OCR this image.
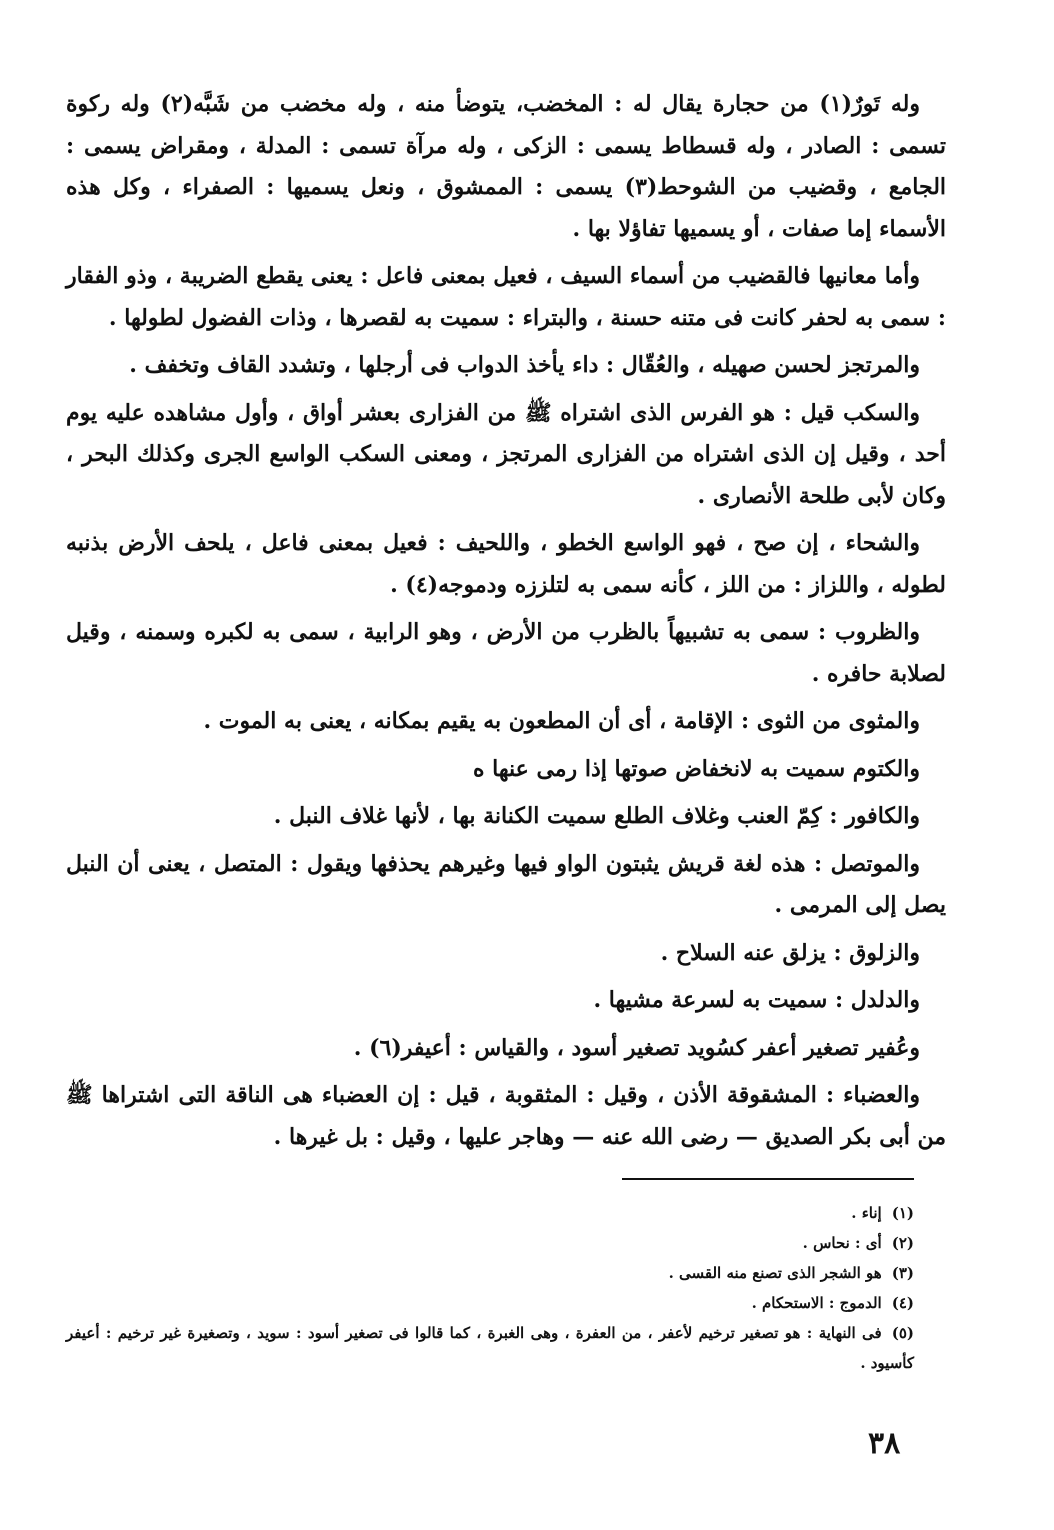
وله تَورٌ(١) من حجارة يقال له : المخضب، يتوضأ منه ، وله مخضب من شَبَّه(٢) وله ركوة تسمى : الصادر ، وله قسطاط يسمى : الزكى ، وله مرآة تسمى : المدلة ، ومقراض يسمى : الجامع ، وقضيب من الشوحط(٣) يسمى : الممشوق ، ونعل يسميها : الصفراء ، وكل هذه الأسماء إما صفات ، أو يسميها تفاؤلا بها .

وأما معانيها فالقضيب من أسماء السيف ، فعيل بمعنى فاعل : يعنى يقطع الضريبة ، وذو الفقار : سمى به لحفر كانت فى متنه حسنة ، والبتراء : سميت به لقصرها ، وذات الفضول لطولها .

والمرتجز لحسن صهيله ، والعُقّال : داء يأخذ الدواب فى أرجلها ، وتشدد القاف وتخفف .

والسكب قيل : هو الفرس الذى اشتراه ﷺ من الفزارى بعشر أواق ، وأول مشاهده عليه يوم أحد ، وقيل إن الذى اشتراه من الفزارى المرتجز ، ومعنى السكب الواسع الجرى وكذلك البحر ، وكان لأبى طلحة الأنصارى .

والشحاء ، إن صح ، فهو الواسع الخطو ، واللحيف : فعيل بمعنى فاعل ، يلحف الأرض بذنبه لطوله ، واللزاز : من اللز ، كأنه سمى به لتلززه ودموجه(٤) .

والظروب : سمى به تشبيهاً بالظرب من الأرض ، وهو الرابية ، سمى به لكبره وسمنه ، وقيل لصلابة حافره .

والمثوى من الثوى : الإقامة ، أى أن المطعون به يقيم بمكانه ، يعنى به الموت .

والكتوم سميت به لانخفاض صوتها إذا رمى عنها ه

والكافور : كِمّ العنب وغلاف الطلع سميت الكنانة بها ، لأنها غلاف النبل .

والموتصل : هذه لغة قريش يثبتون الواو فيها وغيرهم يحذفها ويقول : المتصل ، يعنى أن النبل يصل إلى المرمى .

والزلوق : يزلق عنه السلاح .

والدلدل : سميت به لسرعة مشيها .

وعُفير تصغير أعفر كسُويد تصغير أسود ، والقياس : أعيفر(٦) .

والعضباء : المشقوقة الأذن ، وقيل : المثقوبة ، قيل : إن العضباء هى الناقة التى اشتراها ﷺ من أبى بكر الصديق — رضى الله عنه — وهاجر عليها ، وقيل : بل غيرها .

(١)إناء .

(٢)أى : نحاس .

(٣)هو الشجر الذى تصنع منه القسى .

(٤)الدموج : الاستحكام .

(٥)فى النهاية : هو تصغير ترخيم لأعفر ، من العفرة ، وهى الغبرة ، كما قالوا فى تصغير أسود : سويد ، وتصغيرة غير ترخيم : أعيفر كأسيود .

٣٨
